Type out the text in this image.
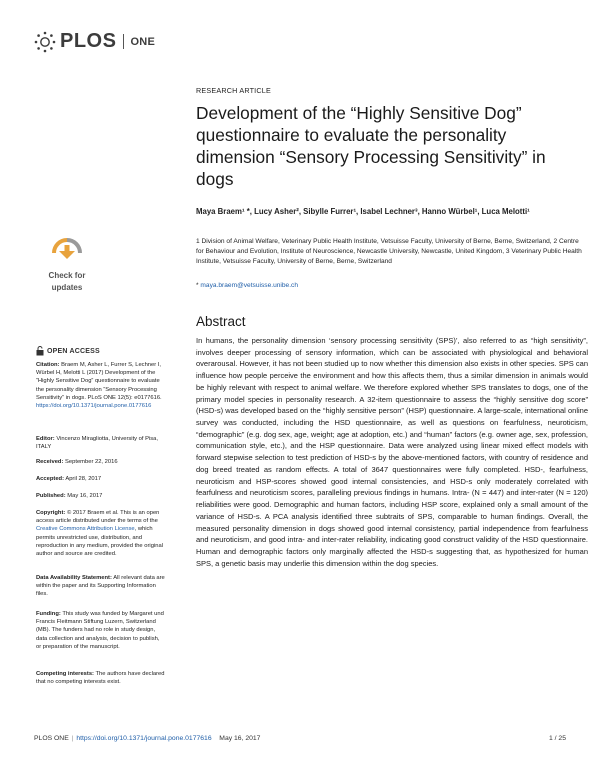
PLOS ONE
RESEARCH ARTICLE
Development of the “Highly Sensitive Dog” questionnaire to evaluate the personality dimension “Sensory Processing Sensitivity” in dogs
Maya Braem¹ *, Lucy Asher², Sibylle Furrer¹, Isabel Lechner³, Hanno Würbel¹, Luca Melotti¹
1 Division of Animal Welfare, Veterinary Public Health Institute, Vetsuisse Faculty, University of Berne, Berne, Switzerland, 2 Centre for Behaviour and Evolution, Institute of Neuroscience, Newcastle University, Newcastle, United Kingdom, 3 Veterinary Public Health Institute, Vetsuisse Faculty, University of Berne, Berne, Switzerland
* maya.braem@vetsuisse.unibe.ch
Check for
updates
Abstract

In humans, the personality dimension ‘sensory processing sensitivity (SPS)’, also referred to as “high sensitivity”, involves deeper processing of sensory information, which can be associated with physiological and behavioral overarousal. However, it has not been studied up to now whether this dimension also exists in other species. SPS can influence how people perceive the environment and how this affects them, thus a similar dimension in animals would be highly relevant with respect to animal welfare. We therefore explored whether SPS translates to dogs, one of the primary model species in personality research. A 32-item questionnaire to assess the “highly sensitive dog score” (HSD-s) was developed based on the “highly sensitive person” (HSP) questionnaire. A large-scale, international online survey was conducted, including the HSD questionnaire, as well as questions on fearfulness, neuroticism, “demographic” (e.g. dog sex, age, weight; age at adoption, etc.) and “human” factors (e.g. owner age, sex, profession, communication style, etc.), and the HSP questionnaire. Data were analyzed using linear mixed effect models with forward stepwise selection to test prediction of HSD-s by the above-mentioned factors, with country of residence and dog breed treated as random effects. A total of 3647 questionnaires were fully completed. HSD-, fearfulness, neuroticism and HSP-scores showed good internal consistencies, and HSD-s only moderately correlated with fearfulness and neuroticism scores, paralleling previous findings in humans. Intra- (N = 447) and inter-rater (N = 120) reliabilities were good. Demographic and human factors, including HSP score, explained only a small amount of the variance of HSD-s. A PCA analysis identified three subtraits of SPS, comparable to human findings. Overall, the measured personality dimension in dogs showed good internal consistency, partial independence from fearfulness and neuroticism, and good intra- and inter-rater reliability, indicating good construct validity of the HSD questionnaire. Human and demographic factors only marginally affected the HSD-s suggesting that, as hypothesized for human SPS, a genetic basis may underlie this dimension within the dog species.

OPEN ACCESS
Citation: Braem M, Asher L, Furrer S, Lechner I, Würbel H, Melotti L (2017) Development of the “Highly Sensitive Dog” questionnaire to evaluate the personality dimension “Sensory Processing Sensitivity” in dogs. PLoS ONE 12(5): e0177616. https://doi.org/10.1371/journal.pone.0177616
Editor: Vincenzo Miragliotta, University of Pisa, ITALY
Received: September 22, 2016
Accepted: April 28, 2017
Published: May 16, 2017
Copyright: © 2017 Braem et al. This is an open access article distributed under the terms of the Creative Commons Attribution License, which permits unrestricted use, distribution, and reproduction in any medium, provided the original author and source are credited.
Data Availability Statement: All relevant data are within the paper and its Supporting Information files.
Funding: This study was funded by Margaret und Francis Fleitmann Stiftung Luzern, Switzerland (MB). The funders had no role in study design, data collection and analysis, decision to publish, or preparation of the manuscript.
Competing interests: The authors have declared that no competing interests exist.
PLOS ONE | https://doi.org/10.1371/journal.pone.0177616 May 16, 2017	1 / 25
